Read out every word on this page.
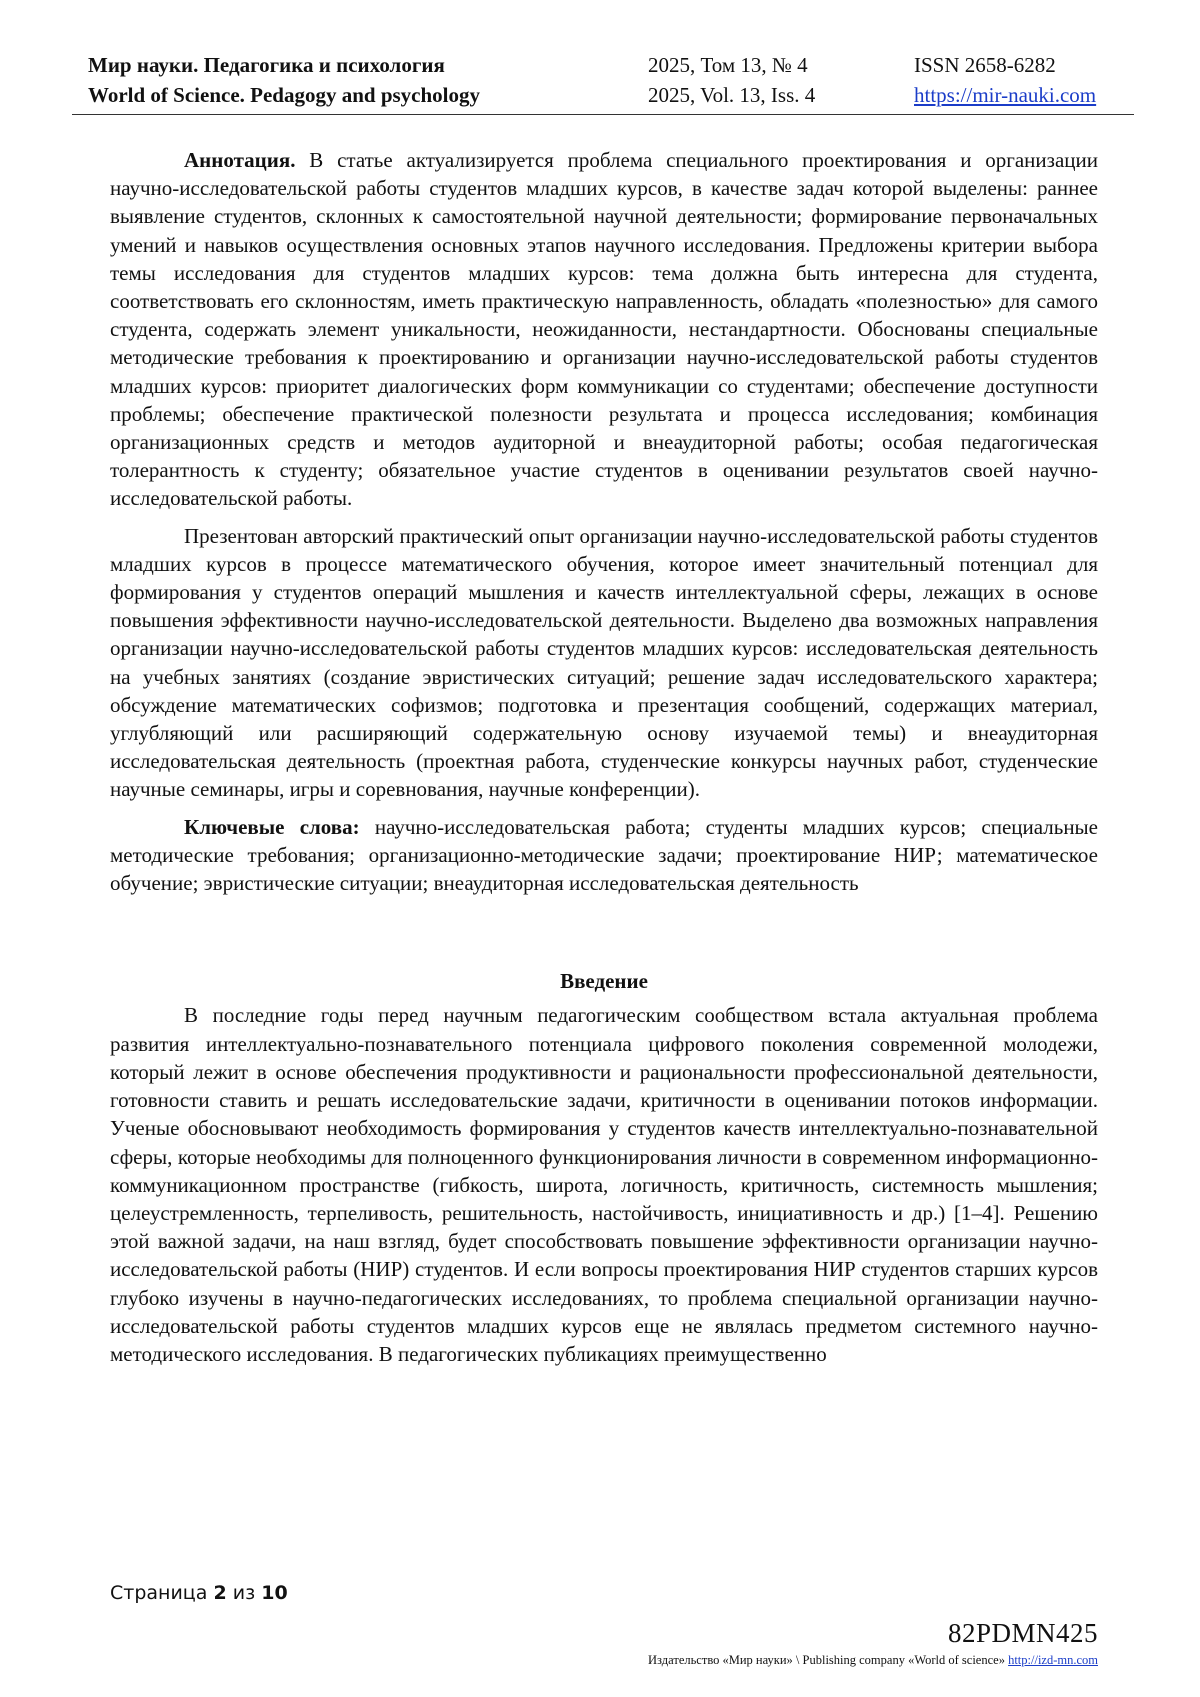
Мир науки. Педагогика и психология
World of Science. Pedagogy and psychology
2025, Том 13, № 4
2025, Vol. 13, Iss. 4
ISSN 2658-6282
https://mir-nauki.com

Аннотация. В статье актуализируется проблема специального проектирования и организации научно-исследовательской работы студентов младших курсов, в качестве задач которой выделены: раннее выявление студентов, склонных к самостоятельной научной деятельности; формирование первоначальных умений и навыков осуществления основных этапов научного исследования. Предложены критерии выбора темы исследования для студентов младших курсов: тема должна быть интересна для студента, соответствовать его склонностям, иметь практическую направленность, обладать «полезностью» для самого студента, содержать элемент уникальности, неожиданности, нестандартности. Обоснованы специальные методические требования к проектированию и организации научно-исследовательской работы студентов младших курсов: приоритет диалогических форм коммуникации со студентами; обеспечение доступности проблемы; обеспечение практической полезности результата и процесса исследования; комбинация организационных средств и методов аудиторной и внеаудиторной работы; особая педагогическая толерантность к студенту; обязательное участие студентов в оценивании результатов своей научно-исследовательской работы.

Презентован авторский практический опыт организации научно-исследовательской работы студентов младших курсов в процессе математического обучения, которое имеет значительный потенциал для формирования у студентов операций мышления и качеств интеллектуальной сферы, лежащих в основе повышения эффективности научно-исследовательской деятельности. Выделено два возможных направления организации научно-исследовательской работы студентов младших курсов: исследовательская деятельность на учебных занятиях (создание эвристических ситуаций; решение задач исследовательского характера; обсуждение математических софизмов; подготовка и презентация сообщений, содержащих материал, углубляющий или расширяющий содержательную основу изучаемой темы) и внеаудиторная исследовательская деятельность (проектная работа, студенческие конкурсы научных работ, студенческие научные семинары, игры и соревнования, научные конференции).

Ключевые слова: научно-исследовательская работа; студенты младших курсов; специальные методические требования; организационно-методические задачи; проектирование НИР; математическое обучение; эвристические ситуации; внеаудиторная исследовательская деятельность

Введение

В последние годы перед научным педагогическим сообществом встала актуальная проблема развития интеллектуально-познавательного потенциала цифрового поколения современной молодежи, который лежит в основе обеспечения продуктивности и рациональности профессиональной деятельности, готовности ставить и решать исследовательские задачи, критичности в оценивании потоков информации. Ученые обосновывают необходимость формирования у студентов качеств интеллектуально-познавательной сферы, которые необходимы для полноценного функционирования личности в современном информационно-коммуникационном пространстве (гибкость, широта, логичность, критичность, системность мышления; целеустремленность, терпеливость, решительность, настойчивость, инициативность и др.) [1–4]. Решению этой важной задачи, на наш взгляд, будет способствовать повышение эффективности организации научно-исследовательской работы (НИР) студентов. И если вопросы проектирования НИР студентов старших курсов глубоко изучены в научно-педагогических исследованиях, то проблема специальной организации научно-исследовательской работы студентов младших курсов еще не являлась предметом системного научно-методического исследования. В педагогических публикациях преимущественно

Страница 2 из 10
82PDMN425
Издательство «Мир науки» \ Publishing company «World of science» http://izd-mn.com
